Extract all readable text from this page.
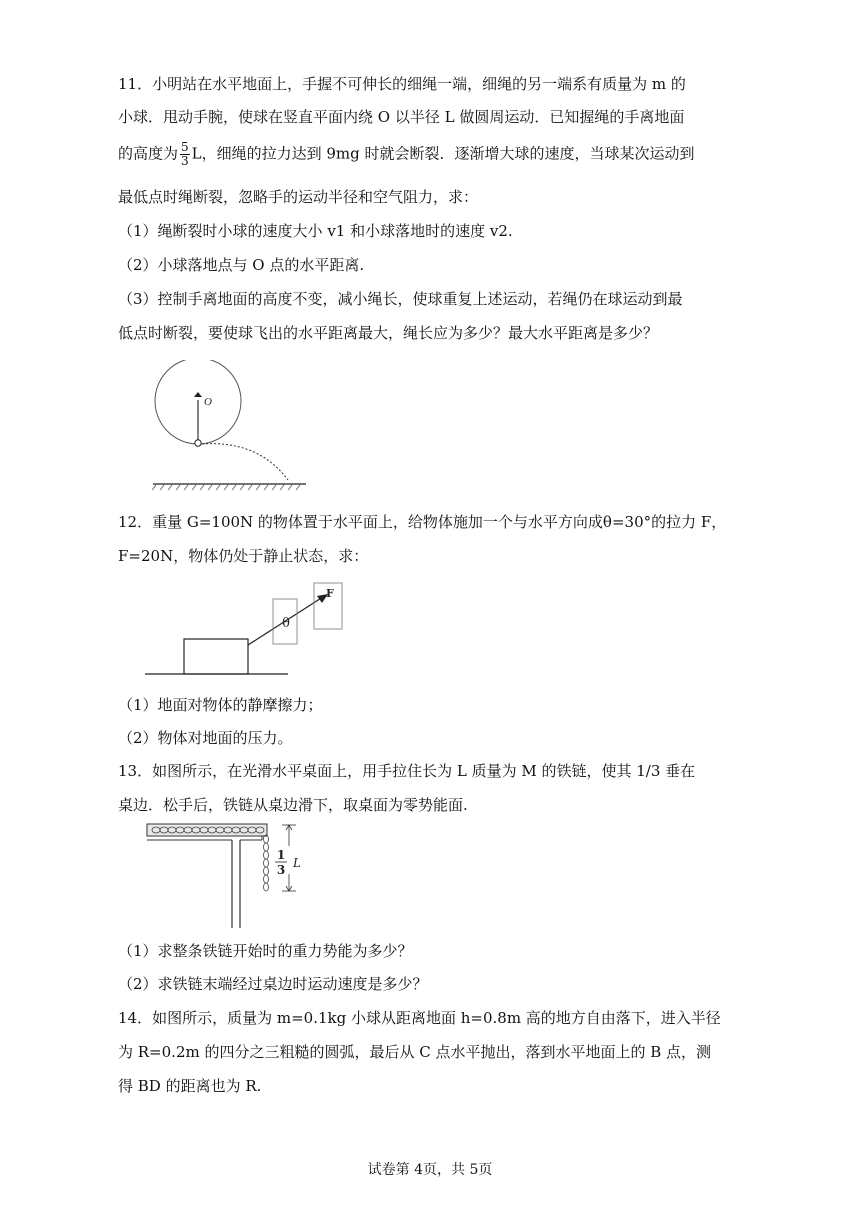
11．小明站在水平地面上，手握不可伸长的细绳一端，细绳的另一端系有质量为 m 的
小球．甩动手腕，使球在竖直平面内绕 O 以半径 L 做圆周运动．已知握绳的手离地面
的高度为 $\frac{5}{3}$ L，细绳的拉力达到 9mg 时就会断裂．逐渐增大球的速度，当球某次运动到
最低点时绳断裂，忽略手的运动半径和空气阻力，求：
（1）绳断裂时小球的速度大小 v1 和小球落地时的速度 v2.
（2）小球落地点与 O 点的水平距离.
（3）控制手离地面的高度不变，减小绳长，使球重复上述运动，若绳仍在球运动到最
低点时断裂，要使球飞出的水平距离最大，绳长应为多少？最大水平距离是多少？
O
12．重量 G=100N 的物体置于水平面上，给物体施加一个与水平方向成θ=30°的拉力 F，
F=20N，物体仍处于静止状态，求：
θ
F
（1）地面对物体的静摩擦力；
（2）物体对地面的压力。
13．如图所示，在光滑水平桌面上，用手拉住长为 L 质量为 M 的铁链，使其 1/3 垂在
桌边．松手后，铁链从桌边滑下，取桌面为零势能面.
1
3 L
（1）求整条铁链开始时的重力势能为多少？
（2）求铁链末端经过桌边时运动速度是多少？
14．如图所示，质量为 m=0.1kg 小球从距离地面 h=0.8m 高的地方自由落下，进入半径
为 R=0.2m 的四分之三粗糙的圆弧，最后从 C 点水平抛出，落到水平地面上的 B 点，测
得 BD 的距离也为 R.
试卷第 4页，共 5页
